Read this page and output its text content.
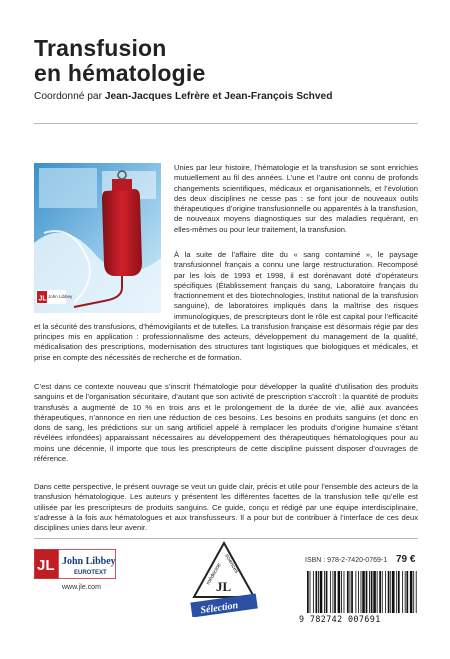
Transfusion
en hématologie
Coordonné par Jean-Jacques Lefrère et Jean-François Schved
JL John Libbey

Unies par leur histoire, l’hématologie et la transfusion se sont enrichies mutuellement au fil des années. L’une et l’autre ont connu de profonds changements scientifiques, médicaux et organisationnels, et l’évolution des deux disciplines ne cesse pas : se font jour de nouveaux outils thérapeutiques d’origine transfusionnelle ou apparentés à la transfusion, de nouveaux moyens diagnostiques sur des maladies requérant, en elles-mêmes ou pour leur traitement, la transfusion.

À la suite de l’affaire dite du « sang contaminé », le paysage transfusionnel français a connu une large restructuration. Recomposé par les lois de 1993 et 1998, il est dorénavant doté d’opérateurs spécifiques (Établissement français du sang, Laboratoire français du fractionnement et des biotechnologies, Institut national de la transfusion sanguine), de laboratoires impliqués dans la maîtrise des risques immunologiques, de prescripteurs dont le rôle est capital pour l’efficacité et la sécurité des transfusions, d’hémovigilants et de tutelles. La transfusion française est désormais régie par des principes mis en application : professionnalisme des acteurs, développement du management de la qualité, médicalisation des prescriptions, modernisation des structures tant logistiques que biologiques et médicales, et prise en compte des nécessités de recherche et de formation.

C’est dans ce contexte nouveau que s’inscrit l’hématologie pour développer la qualité d’utilisation des produits sanguins et de l’organisation sécuritaire, d’autant que son activité de prescription s’accroît : la quantité de produits transfusés a augmenté de 10 % en trois ans et le prolongement de la durée de vie, allié aux avancées thérapeutiques, n’annonce en rien une réduction de ces besoins. Les besoins en produits sanguins (et donc en dons de sang, les prédictions sur un sang artificiel appelé à remplacer les produits d’origine humaine s’étant révélées infondées) apparaissant nécessaires au développement des thérapeutiques hématologiques pour au moins une décennie, il importe que tous les prescripteurs de cette discipline puissent disposer d’ouvrages de référence.

Dans cette perspective, le présent ouvrage se veut un guide clair, précis et utile pour l’ensemble des acteurs de la transfusion hématologique. Les auteurs y présentent les différentes facettes de la transfusion telle qu’elle est utilisée par les prescripteurs de produits sanguins. Ce guide, conçu et rédigé par une équipe interdisciplinaire, s’adresse à la fois aux hématologues et aux transfusseurs. Il a pour but de contribuer à l’interface de ces deux disciplines unies dans leur avenir.

JL John Libbey
EUROTEXT
www.jle.com
médecine sciences
JL
Sélection
ISBN : 978-2-7420-0769-1 79 €
9 782742 007691
